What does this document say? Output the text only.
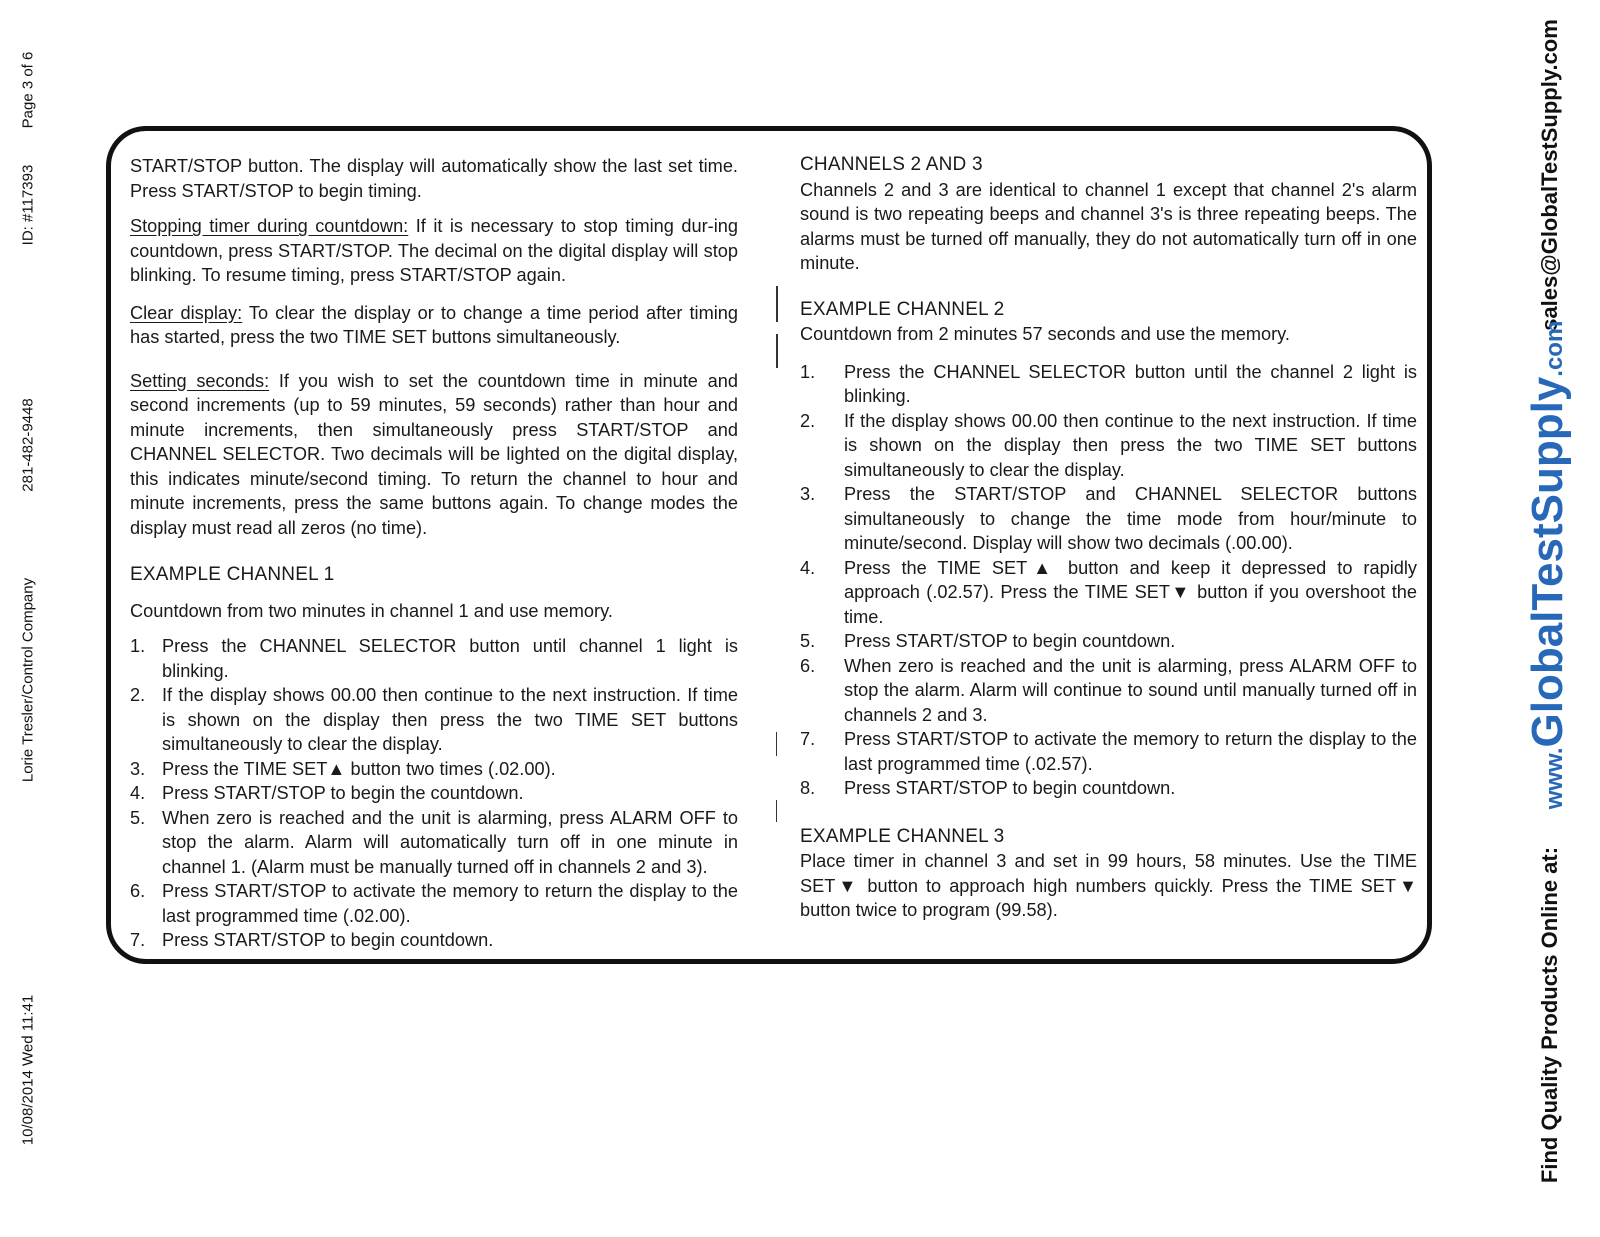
10/08/2014 Wed 11:41
Lorie Tresler/Control Company
281-482-9448
ID: #117393
Page 3 of 6	sales@GlobalTestSupply.com
www.GlobalTestSupply.com
Find Quality Products Online at:

START/STOP button. The display will automatically show the last set time. Press START/STOP to begin timing.

Stopping timer during countdown: If it is necessary to stop timing dur-ing countdown, press START/STOP. The decimal on the digital display will stop blinking. To resume timing, press START/STOP again.

Clear display: To clear the display or to change a time period after timing has started, press the two TIME SET buttons simultaneously.

Setting seconds: If you wish to set the countdown time in minute and second increments (up to 59 minutes, 59 seconds) rather than hour and minute increments, then simultaneously press START/STOP and CHANNEL SELECTOR. Two decimals will be lighted on the digital display, this indicates minute/second timing. To return the channel to hour and minute increments, press the same buttons again. To change modes the display must read all zeros (no time).

EXAMPLE CHANNEL 1

Countdown from two minutes in channel 1 and use memory.

1. Press the CHANNEL SELECTOR button until channel 1 light is blinking.
2. If the display shows 00.00 then continue to the next instruction. If time is shown on the display then press the two TIME SET buttons simultaneously to clear the display.
3. Press the TIME SET▲ button two times (.02.00).
4. Press START/STOP to begin the countdown.
5. When zero is reached and the unit is alarming, press ALARM OFF to stop the alarm. Alarm will automatically turn off in one minute in channel 1. (Alarm must be manually turned off in channels 2 and 3).
6. Press START/STOP to activate the memory to return the display to the last programmed time (.02.00).
7. Press START/STOP to begin countdown.
CHANNELS 2 AND 3

Channels 2 and 3 are identical to channel 1 except that channel 2's alarm sound is two repeating beeps and channel 3's is three repeating beeps. The alarms must be turned off manually, they do not automatically turn off in one minute.

EXAMPLE CHANNEL 2

Countdown from 2 minutes 57 seconds and use the memory.

1.	Press the CHANNEL SELECTOR button until the channel 2 light is blinking.
2.	If the display shows 00.00 then continue to the next instruction. If time is shown on the display then press the two TIME SET buttons simultaneously to clear the display.
3.	Press the START/STOP and CHANNEL SELECTOR buttons simultaneously to change the time mode from hour/minute to minute/second. Display will show two decimals (.00.00).
4.	Press the TIME SET▲ button and keep it depressed to rapidly approach (.02.57). Press the TIME SET▼ button if you overshoot the time.
5.	Press START/STOP to begin countdown.
6.	When zero is reached and the unit is alarming, press ALARM OFF to stop the alarm. Alarm will continue to sound until manually turned off in channels 2 and 3.
7.	Press START/STOP to activate the memory to return the display to the last programmed time (.02.57).
8.	Press START/STOP to begin countdown.
EXAMPLE CHANNEL 3

Place timer in channel 3 and set in 99 hours, 58 minutes. Use the TIME SET▼ button to approach high numbers quickly. Press the TIME SET▼ button twice to program (99.58).
